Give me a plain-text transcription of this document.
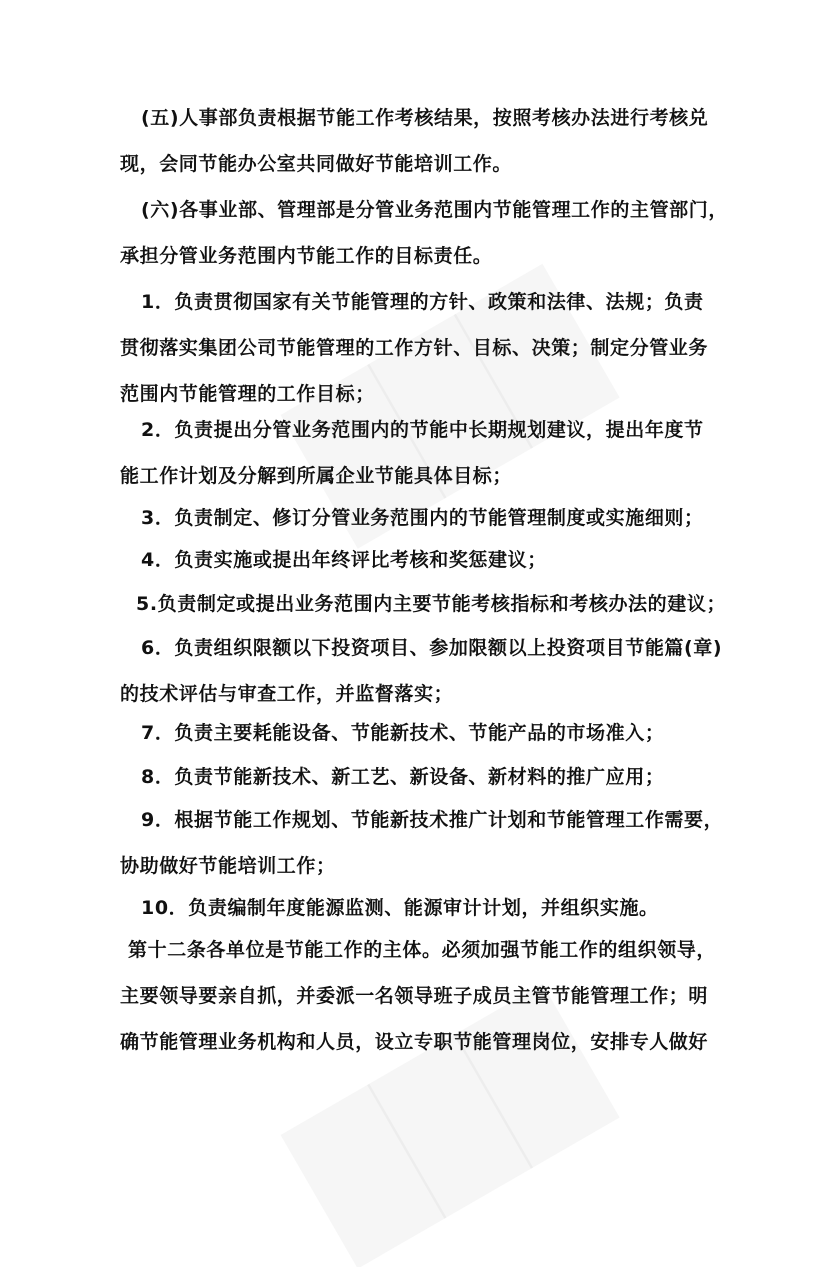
(五)人事部负责根据节能工作考核结果，按照考核办法进行考核兑
现，会同节能办公室共同做好节能培训工作。
(六)各事业部、管理部是分管业务范围内节能管理工作的主管部门，
承担分管业务范围内节能工作的目标责任。
1．负责贯彻国家有关节能管理的方针、政策和法律、法规；负责
贯彻落实集团公司节能管理的工作方针、目标、决策；制定分管业务
范围内节能管理的工作目标；
2．负责提出分管业务范围内的节能中长期规划建议，提出年度节
能工作计划及分解到所属企业节能具体目标；
3．负责制定、修订分管业务范围内的节能管理制度或实施细则；
4．负责实施或提出年终评比考核和奖惩建议；
5.负责制定或提出业务范围内主要节能考核指标和考核办法的建议；
6．负责组织限额以下投资项目、参加限额以上投资项目节能篇(章)
的技术评估与审查工作，并监督落实；
7．负责主要耗能设备、节能新技术、节能产品的市场准入；
8．负责节能新技术、新工艺、新设备、新材料的推广应用；
9．根据节能工作规划、节能新技术推广计划和节能管理工作需要，
协助做好节能培训工作；
10．负责编制年度能源监测、能源审计计划，并组织实施。
第十二条各单位是节能工作的主体。必须加强节能工作的组织领导，
主要领导要亲自抓，并委派一名领导班子成员主管节能管理工作；明
确节能管理业务机构和人员，设立专职节能管理岗位，安排专人做好
